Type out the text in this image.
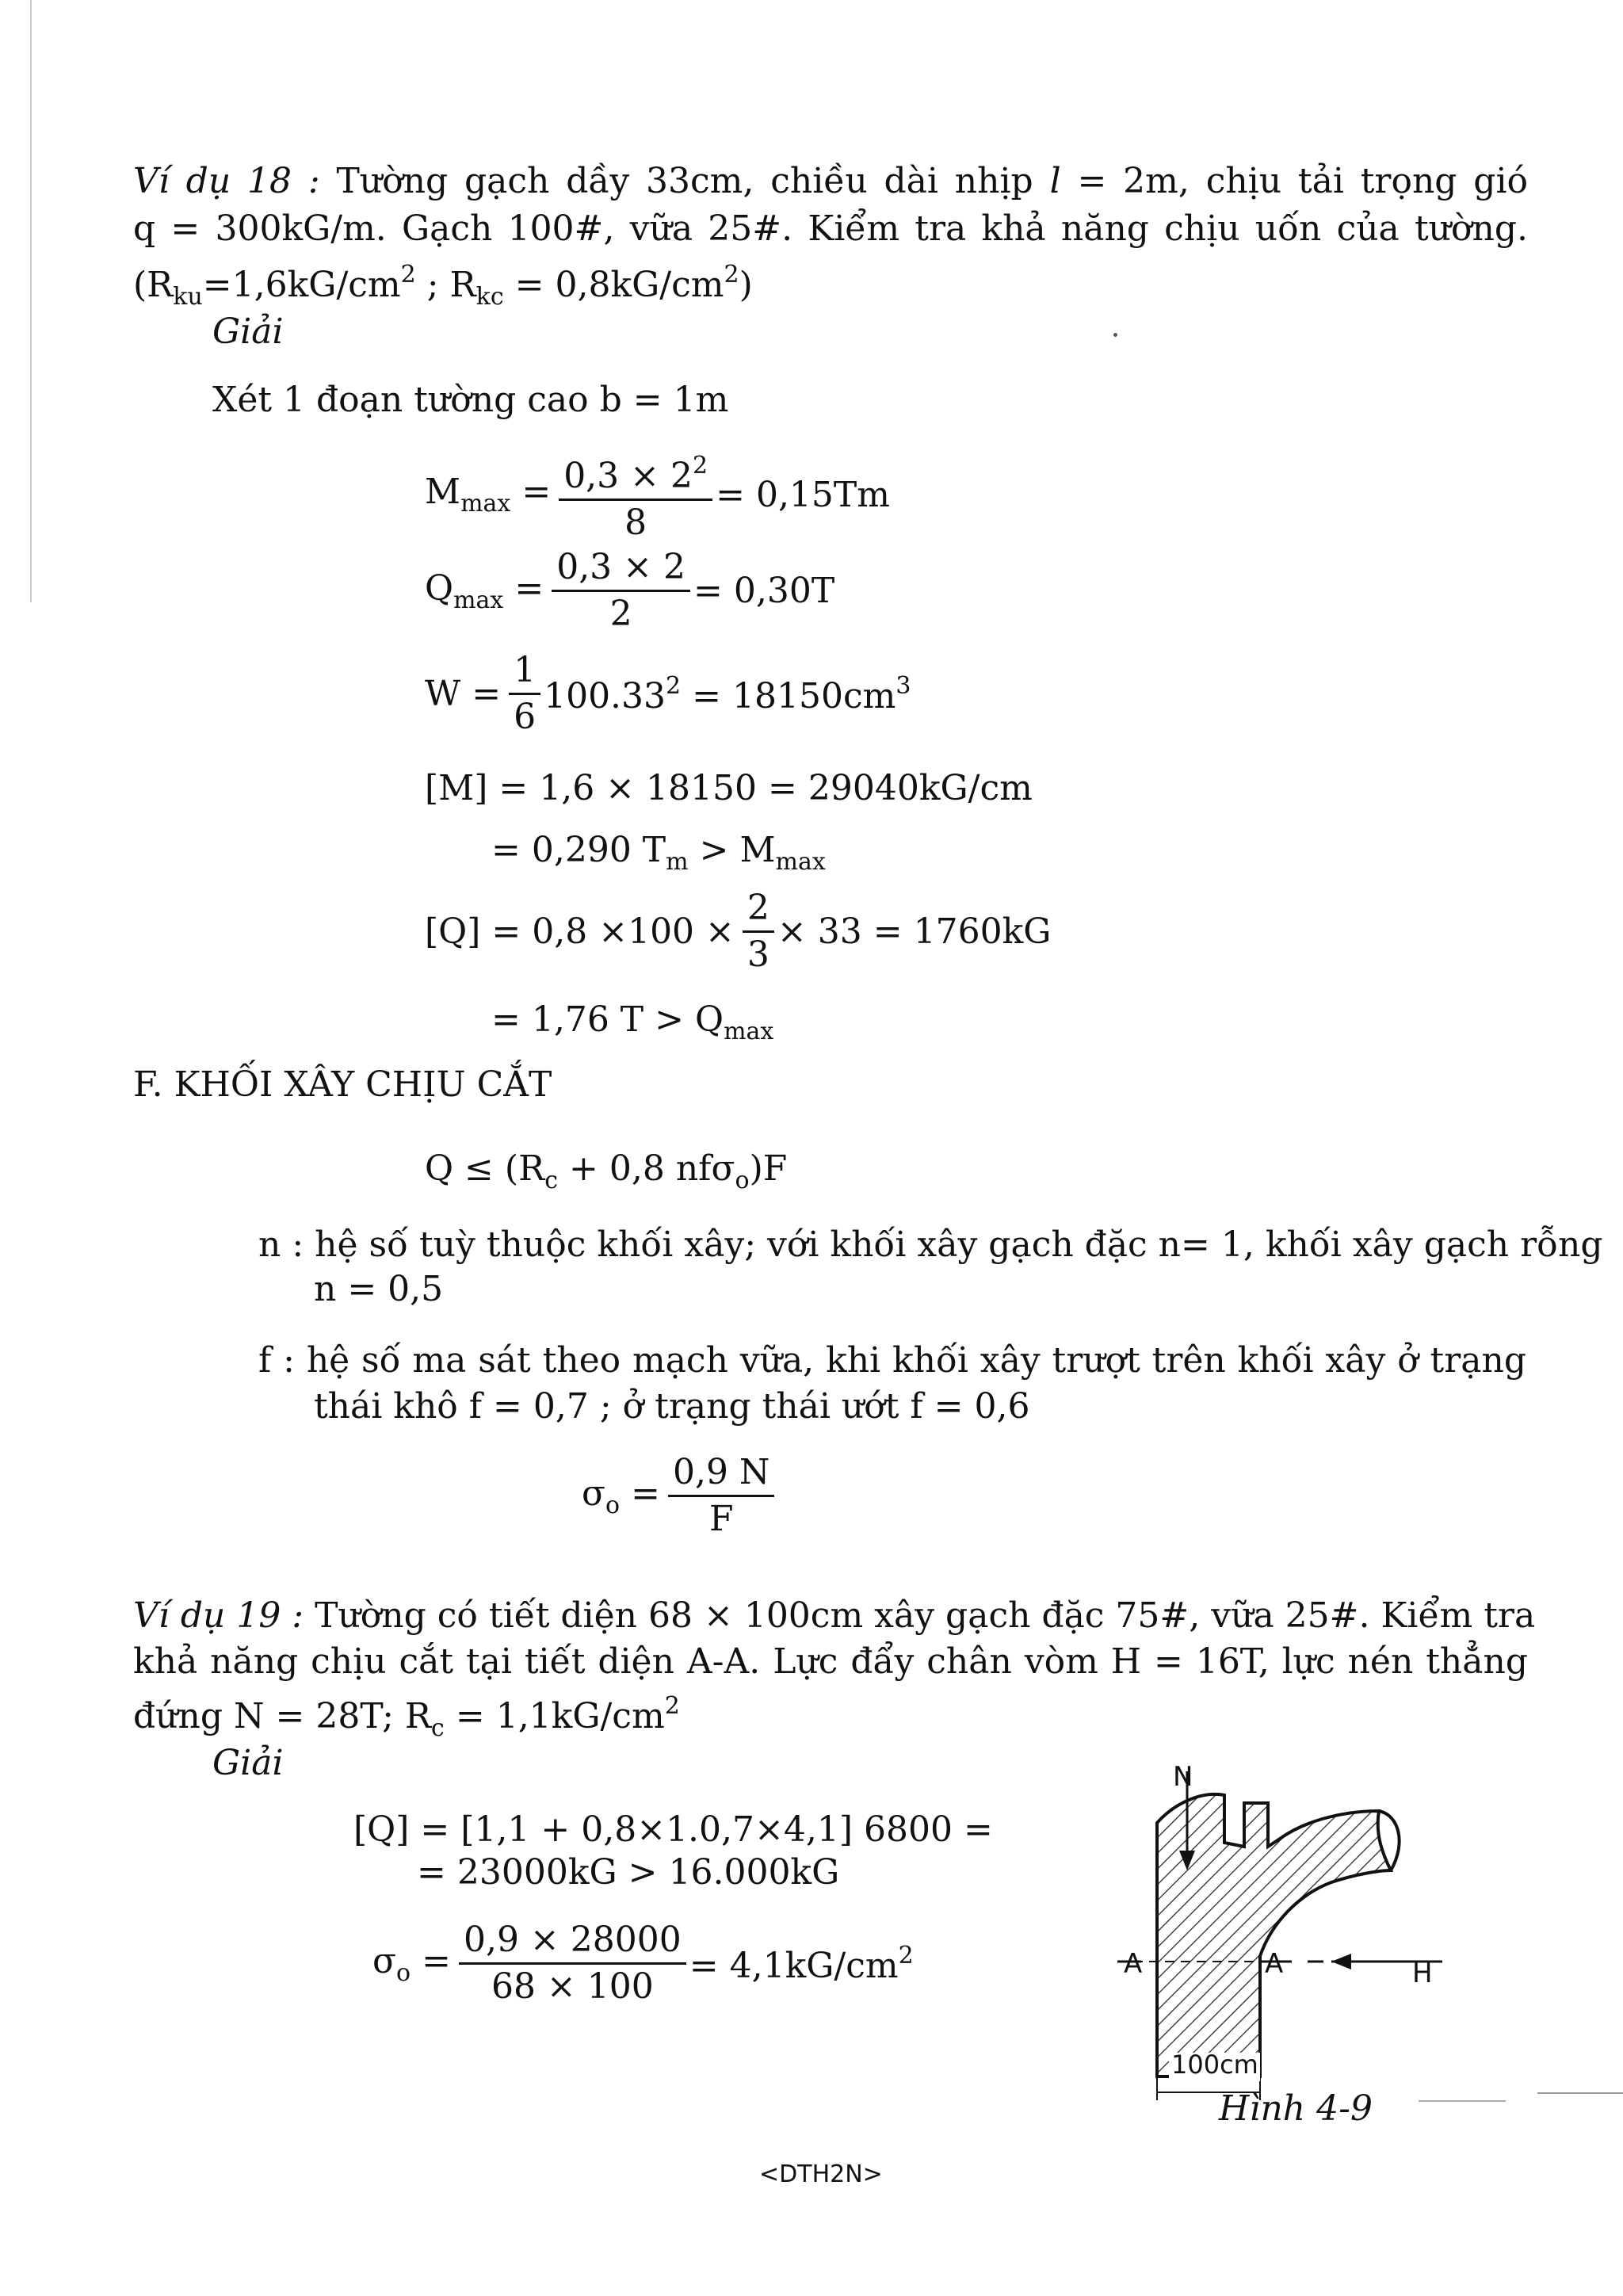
Ví dụ 18 : Tường gạch dầy 33cm, chiều dài nhịp l = 2m, chịu tải trọng gió
q = 300kG/m. Gạch 100#, vữa 25#. Kiểm tra khả năng chịu uốn của tường.
($R_{ku}=1,6kG/cm^2$ ; $R_{kc} = 0,8kG/cm^2$)
Giải
Xét 1 đoạn tường cao b = 1m
$M_{max} = \frac{0,3 \times 2^2}{8} = 0,15Tm$
$Q_{max} = \frac{0,3 \times 2}{2} = 0,30T$
$W = \frac{1}{6} 100.33^2 = 18150cm^3$
[M] = 1,6 × 18150 = 29040kG/cm
= 0,290 $T_m > M_{max}$
$[Q] = 0,8 \times 100 \times \frac{2}{3} \times 33 = 1760kG$
= 1,76 $T > Q_{max}$
F. KHỐI XÂY CHỊU CẮT
$Q \le (R_c + 0,8$ nfσ$_o$)F
n : hệ số tuỳ thuộc khối xây; với khối xây gạch đặc n= 1, khối xây gạch rỗng
n = 0,5
f : hệ số ma sát theo mạch vữa, khi khối xây trượt trên khối xây ở trạng
thái khô f = 0,7 ; ở trạng thái ướt f = 0,6
$\sigma_o = \frac{0,9 N}{F}$
Ví dụ 19 : Tường có tiết diện 68 × 100cm xây gạch đặc 75#, vữa 25#. Kiểm tra
khả năng chịu cắt tại tiết diện A-A. Lực đẩy chân vòm H = 16T, lực nén thẳng
đứng N = 28T; $R_c = 1,1kG/cm^2$
Giải
[Q] = [1,1 + 0,8×1.0,7×4,1] 6800 =
= 23000kG > 16.000kG
$\sigma_o = \frac{0,9 \times 28000}{68 \times 100} = 4,1kG/cm^2$
N
A	A	H
100cm
Hình 4-9
<DTH2N>
